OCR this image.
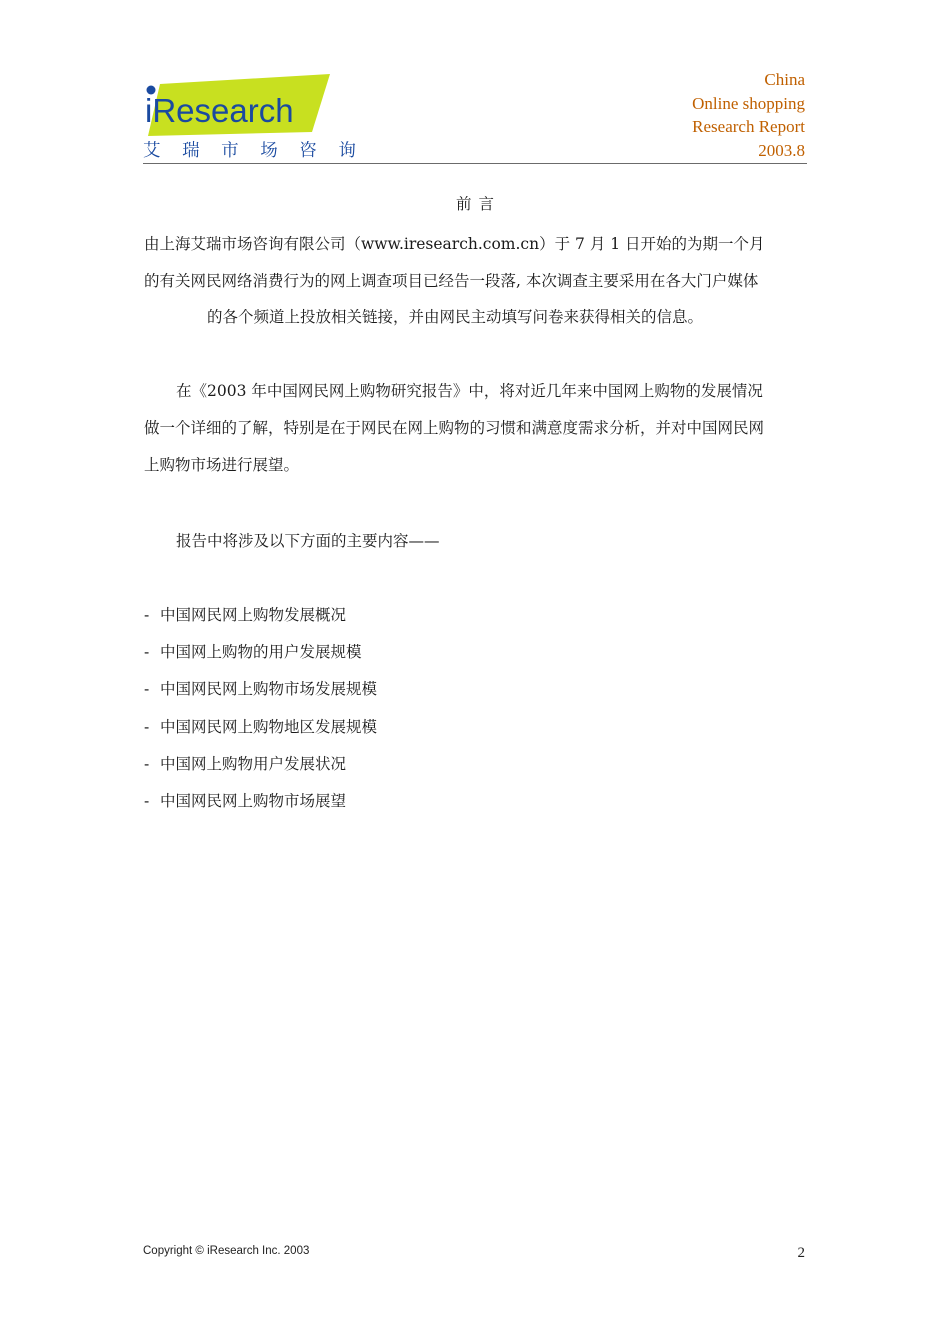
iResearch
艾 瑞 市 场 咨 询
China
Online shopping
Research Report
2003.8
前言
由上海艾瑞市场咨询有限公司（www.iresearch.com.cn）于 7 月 1 日开始的为期一个月
的有关网民网络消费行为的网上调查项目已经告一段落, 本次调查主要采用在各大门户媒体
的各个频道上投放相关链接，并由网民主动填写问卷来获得相关的信息。
在《2003 年中国网民网上购物研究报告》中，将对近几年来中国网上购物的发展情况
做一个详细的了解，特别是在于网民在网上购物的习惯和满意度需求分析，并对中国网民网
上购物市场进行展望。
报告中将涉及以下方面的主要内容——
- 中国网民网上购物发展概况
- 中国网上购物的用户发展规模
- 中国网民网上购物市场发展规模
- 中国网民网上购物地区发展规模
- 中国网上购物用户发展状况
- 中国网民网上购物市场展望
Copyright © iResearch Inc. 2003	2
